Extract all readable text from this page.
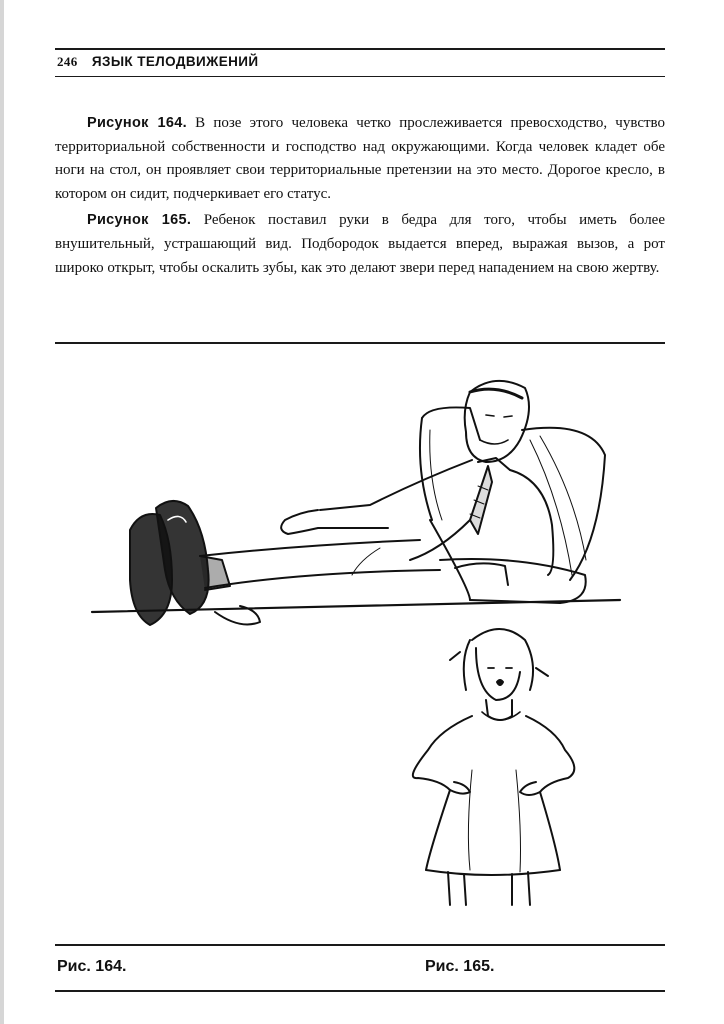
246 ЯЗЫК ТЕЛОДВИЖЕНИЙ

Рисунок 164. В позе этого человека четко прослеживается превосходство, чувство территориальной собственности и господство над окружающими. Когда человек кладет обе ноги на стол, он проявляет свои территориальные претензии на это место. Дорогое кресло, в котором он сидит, подчеркивает его статус.

Рисунок 165. Ребенок поставил руки в бедра для того, чтобы иметь более внушительный, устрашающий вид. Подбородок выдается вперед, выражая вызов, а рот широко открыт, чтобы оскалить зубы, как это делают звери перед нападением на свою жертву.

Рис. 164.	Рис. 165.
